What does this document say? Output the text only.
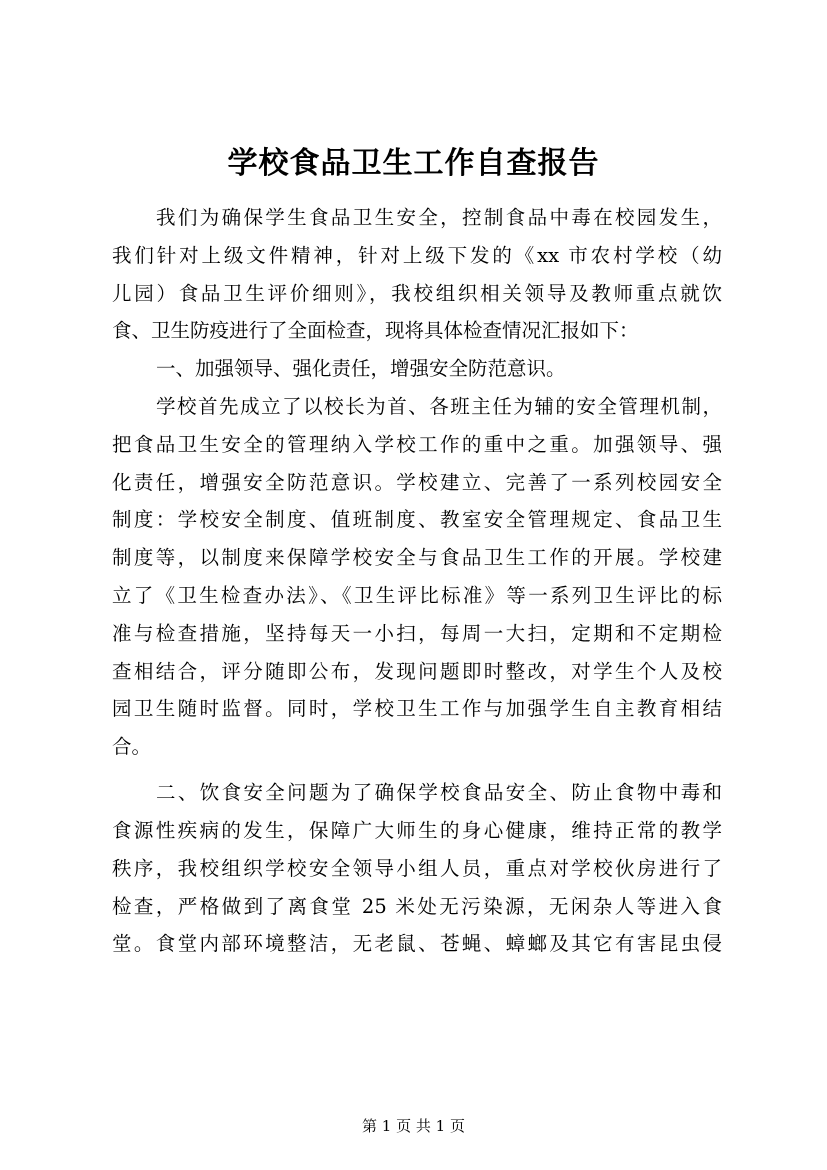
学校食品卫生工作自查报告
我们为确保学生食品卫生安全，控制食品中毒在校园发生，
我们针对上级文件精神，针对上级下发的《xx 市农村学校（幼
儿园）食品卫生评价细则》，我校组织相关领导及教师重点就饮
食、卫生防疫进行了全面检查，现将具体检查情况汇报如下：
一、加强领导、强化责任，增强安全防范意识。
学校首先成立了以校长为首、各班主任为辅的安全管理机制，
把食品卫生安全的管理纳入学校工作的重中之重。加强领导、强
化责任，增强安全防范意识。学校建立、完善了一系列校园安全
制度：学校安全制度、值班制度、教室安全管理规定、食品卫生
制度等，以制度来保障学校安全与食品卫生工作的开展。学校建
立了《卫生检查办法》、《卫生评比标准》等一系列卫生评比的标
准与检查措施，坚持每天一小扫，每周一大扫，定期和不定期检
查相结合，评分随即公布，发现问题即时整改，对学生个人及校
园卫生随时监督。同时，学校卫生工作与加强学生自主教育相结
合。
二、饮食安全问题为了确保学校食品安全、防止食物中毒和
食源性疾病的发生，保障广大师生的身心健康，维持正常的教学
秩序，我校组织学校安全领导小组人员，重点对学校伙房进行了
检查，严格做到了离食堂 25 米处无污染源，无闲杂人等进入食
堂。食堂内部环境整洁，无老鼠、苍蝇、蟑螂及其它有害昆虫侵
第 1 页 共 1 页
